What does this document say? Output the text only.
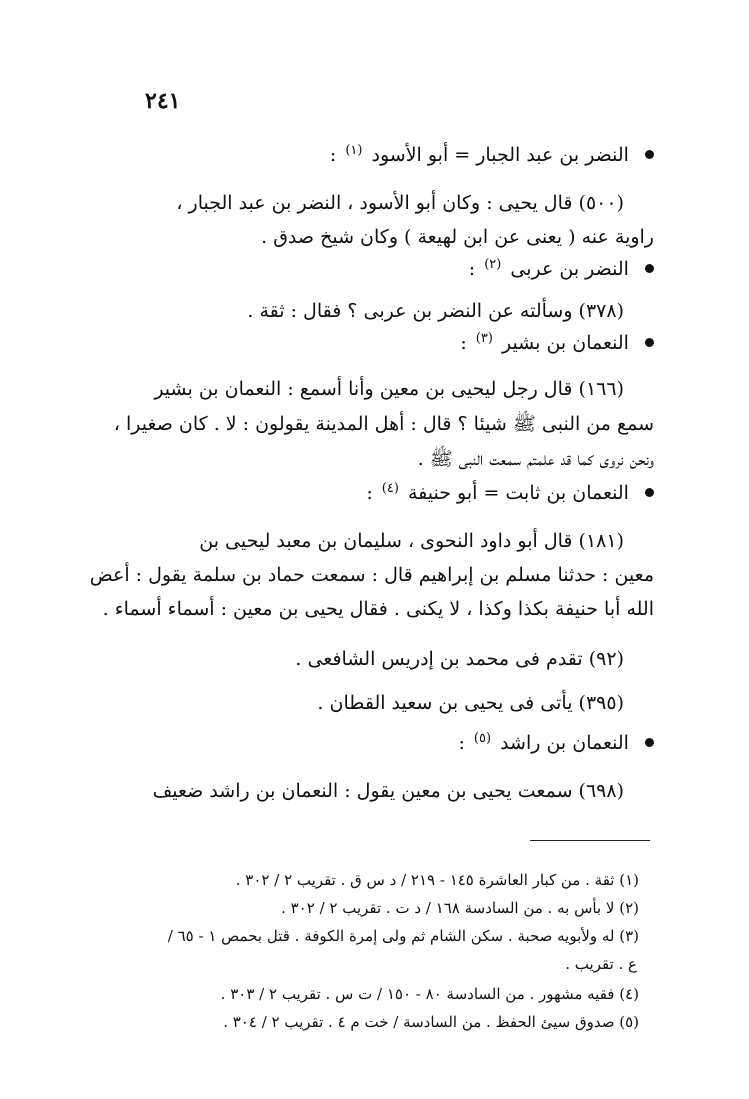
٢٤١
النضر بن عبد الجبار = أبو الأسود $^{(١)}$ :
(٥٠٠) قال يحيى : وكان أبو الأسود ، النضر بن عبد الجبار ،
راوية عنه ( يعنى عن ابن لهيعة ) وكان شيخ صدق .
النضر بن عربى $^{(٢)}$ :
(٣٧٨) وسألته عن النضر بن عربى ؟ فقال : ثقة .
النعمان بن بشير $^{(٣)}$ :
(١٦٦) قال رجل ليحيى بن معين وأنا أسمع : النعمان بن بشير
سمع من النبى ﷺ شيئا ؟ قال : أهل المدينة يقولون : لا . كان صغيرا ،
ونحن نروى كما قد علمتم سمعت النبى ﷺ .
النعمان بن ثابت = أبو حنيفة $^{(٤)}$ :
(١٨١) قال أبو داود النحوى ، سليمان بن معبد ليحيى بن
معين : حدثنا مسلم بن إبراهيم قال : سمعت حماد بن سلمة يقول : أعض
الله أبا حنيفة بكذا وكذا ، لا يكنى . فقال يحيى بن معين : أسماء أسماء .
(٩٢) تقدم فى محمد بن إدريس الشافعى .
(٣٩٥) يأتى فى يحيى بن سعيد القطان .
النعمان بن راشد $^{(٥)}$ :
(٦٩٨) سمعت يحيى بن معين يقول : النعمان بن راشد ضعيف
(١) ثقة . من كبار العاشرة ١٤٥ - ٢١٩ / د س ق . تقريب ٢ / ٣٠٢ .
(٢) لا بأس به . من السادسة ١٦٨ / د ت . تقريب ٢ / ٣٠٢ .
(٣) له ولأبويه صحبة . سكن الشام ثم ولى إمرة الكوفة . قتل بحمص ١ - ٦٥ /
ع . تقريب .
(٤) فقيه مشهور . من السادسة ٨٠ - ١٥٠ / ت س . تقريب ٢ / ٣٠٣ .
(٥) صدوق سيئ الحفظ . من السادسة / خت م ٤ . تقريب ٢ / ٣٠٤ .
